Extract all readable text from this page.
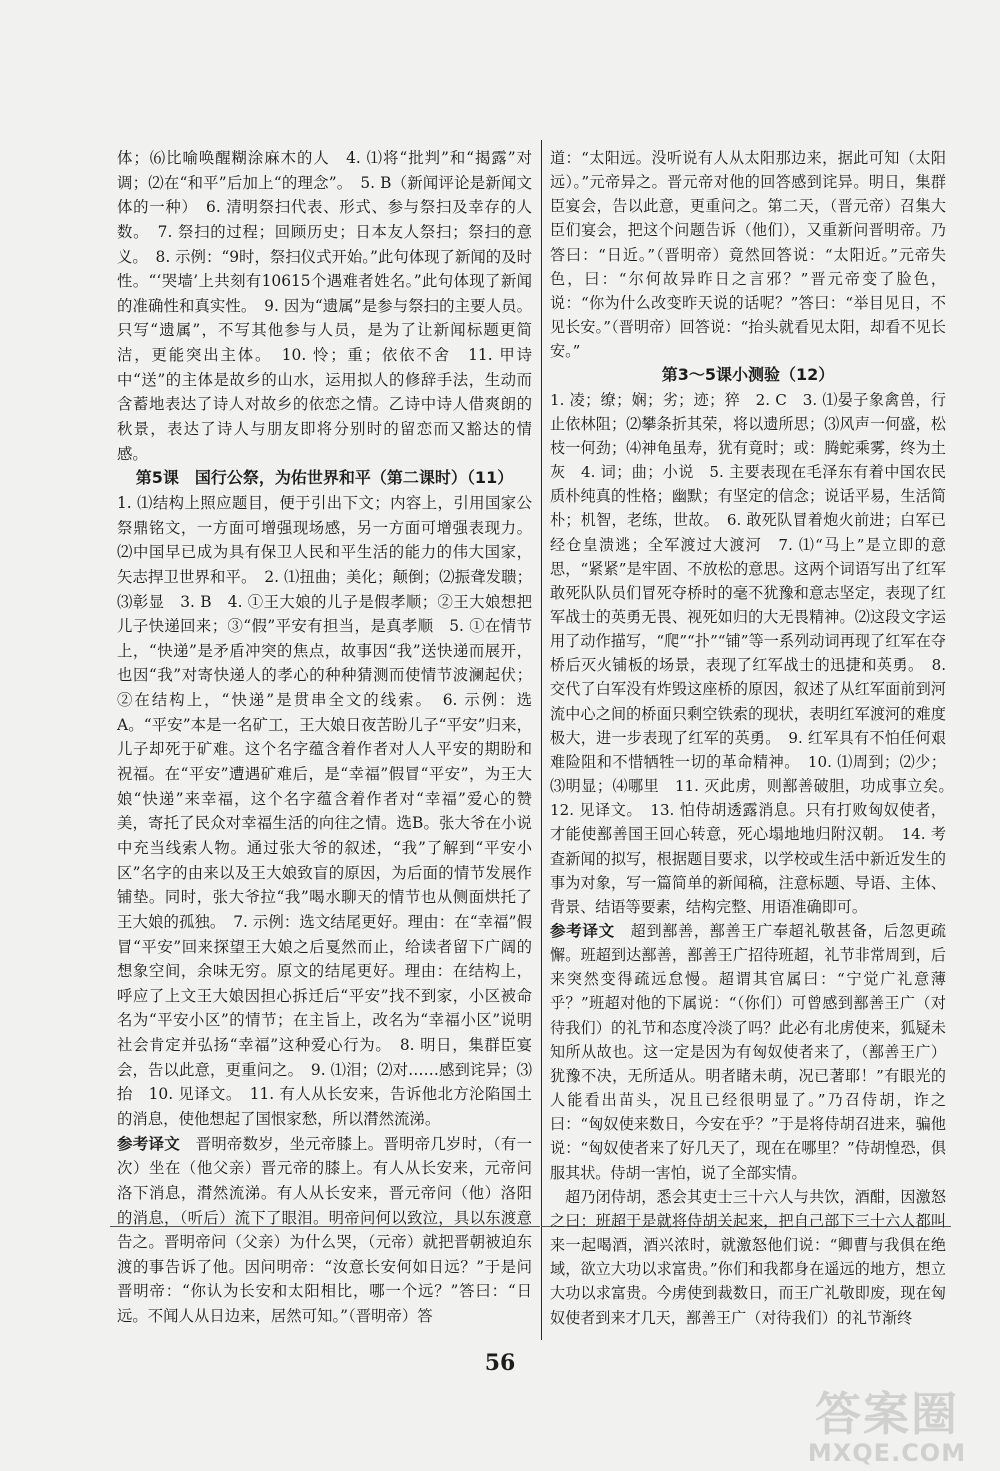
体；⑹比喻唤醒糊涂麻木的人　4. ⑴将“批判”和“揭露”对调；⑵在“和平”后加上“的理念”。　5. B（新闻评论是新闻文体的一种）　6. 清明祭扫代表、形式、参与祭扫及幸存的人数。　7. 祭扫的过程；回顾历史；日本友人祭扫；祭扫的意义。　8. 示例：“9时，祭扫仪式开始。”此句体现了新闻的及时性。“‘哭墙’上共刻有10615个遇难者姓名。”此句体现了新闻的准确性和真实性。　9. 因为“遗属”是参与祭扫的主要人员。只写“遗属”，不写其他参与人员，是为了让新闻标题更简洁，更能突出主体。　10. 怜；重；依依不舍　11. 甲诗中“送”的主体是故乡的山水，运用拟人的修辞手法，生动而含蓄地表达了诗人对故乡的依恋之情。乙诗中诗人借爽朗的秋景，表达了诗人与朋友即将分别时的留恋而又豁达的情感。

第5课　国行公祭，为佑世界和平（第二课时）（11）

1. ⑴结构上照应题目，便于引出下文；内容上，引用国家公祭鼎铭文，一方面可增强现场感，另一方面可增强表现力。⑵中国早已成为具有保卫人民和平生活的能力的伟大国家，矢志捍卫世界和平。　2. ⑴扭曲；美化；颠倒；⑵振聋发聩；⑶彰显　3. B　4. ①王大娘的儿子是假孝顺；②王大娘想把儿子快递回来；③“假”平安有担当，是真孝顺　5. ①在情节上，“快递”是矛盾冲突的焦点，故事因“我”送快递而展开，也因“我”对寄快递人的孝心的种种猜测而使情节波澜起伏；②在结构上，“快递”是贯串全文的线索。　6. 示例：选A。“平安”本是一名矿工，王大娘日夜苦盼儿子“平安”归来，儿子却死于矿难。这个名字蕴含着作者对人人平安的期盼和祝福。在“平安”遭遇矿难后，是“幸福”假冒“平安”，为王大娘“快递”来幸福，这个名字蕴含着作者对“幸福”爱心的赞美，寄托了民众对幸福生活的向往之情。选B。张大爷在小说中充当线索人物。通过张大爷的叙述，“我”了解到“平安小区”名字的由来以及王大娘致盲的原因，为后面的情节发展作铺垫。同时，张大爷拉“我”喝水聊天的情节也从侧面烘托了王大娘的孤独。　7. 示例：选文结尾更好。理由：在“幸福”假冒“平安”回来探望王大娘之后戛然而止，给读者留下广阔的想象空间，余味无穷。原文的结尾更好。理由：在结构上，呼应了上文王大娘因担心拆迁后“平安”找不到家，小区被命名为“平安小区”的情节；在主旨上，改名为“幸福小区”说明社会肯定并弘扬“幸福”这种爱心行为。　8. 明日，集群臣宴会，告以此意，更重问之。　9. ⑴泪；⑵对……感到诧异；⑶抬　10. 见译文。　11. 有人从长安来，告诉他北方沦陷国土的消息，使他想起了国恨家愁，所以潸然流涕。

参考译文　 晋明帝数岁，坐元帝膝上。晋明帝几岁时，（有一次）坐在（他父亲）晋元帝的膝上。有人从长安来，元帝问洛下消息，潸然流涕。有人从长安来，晋元帝问（他）洛阳的消息，（听后）流下了眼泪。明帝问何以致泣，具以东渡意告之。晋明帝问（父亲）为什么哭，（元帝）就把晋朝被迫东渡的事告诉了他。因问明帝：“汝意长安何如日远？”于是问晋明帝：“你认为长安和太阳相比，哪一个远？”答曰：“日远。不闻人从日边来，居然可知。”（晋明帝）答

道：“太阳远。没听说有人从太阳那边来，据此可知（太阳远）。”元帝异之。晋元帝对他的回答感到诧异。明日，集群臣宴会，告以此意，更重问之。第二天，（晋元帝）召集大臣们宴会，把这个问题告诉（他们），又重新问晋明帝。乃答曰：“日近。”（晋明帝）竟然回答说：“太阳近。”元帝失色，曰：“尔何故异昨日之言邪？”晋元帝变了脸色，说：“你为什么改变昨天说的话呢？”答曰：“举目见日，不见长安。”（晋明帝）回答说：“抬头就看见太阳，却看不见长安。”

第3～5课小测验（12）

1. 凌；缭；娴；劣；迹；猝　2. C　3. ⑴晏子象禽兽，行止依林阻；⑵攀条折其荣，将以遗所思；⑶风声一何盛，松枝一何劲；⑷神龟虽寿，犹有竟时；或：腾蛇乘雾，终为土灰　4. 词；曲；小说　5. 主要表现在毛泽东有着中国农民质朴纯真的性格；幽默；有坚定的信念；说话平易，生活简朴；机智，老练，世故。　6. 敢死队冒着炮火前进；白军已经仓皇溃逃；全军渡过大渡河　7. ⑴“马上”是立即的意思，“紧紧”是牢固、不放松的意思。这两个词语写出了红军敢死队队员们冒死夺桥时的毫不犹豫和意志坚定，表现了红军战士的英勇无畏、视死如归的大无畏精神。⑵这段文字运用了动作描写，“爬”“扑”“铺”等一系列动词再现了红军在夺桥后灭火铺板的场景，表现了红军战士的迅捷和英勇。　8. 交代了白军没有炸毁这座桥的原因，叙述了从红军面前到河流中心之间的桥面只剩空铁索的现状，表明红军渡河的难度极大，进一步表现了红军的英勇。　9. 红军具有不怕任何艰难险阻和不惜牺牲一切的革命精神。　10. ⑴周到；⑵少；⑶明显；⑷哪里　11. 灭此虏，则鄯善破胆，功成事立矣。　12. 见译文。　13. 怕侍胡透露消息。只有打败匈奴使者，才能使鄯善国王回心转意，死心塌地地归附汉朝。　14. 考查新闻的拟写，根据题目要求，以学校或生活中新近发生的事为对象，写一篇简单的新闻稿，注意标题、导语、主体、背景、结语等要素，结构完整、用语准确即可。

参考译文　 超到鄯善，鄯善王广奉超礼敬甚备，后忽更疏懈。班超到达鄯善，鄯善王广招待班超，礼节非常周到，后来突然变得疏远怠慢。超谓其官属曰：“宁觉广礼意薄乎？”班超对他的下属说：“（你们）可曾感到鄯善王广（对待我们）的礼节和态度冷淡了吗？此必有北虏使来，狐疑未知所从故也。这一定是因为有匈奴使者来了，（鄯善王广）犹豫不决，无所适从。明者睹未萌，况已著耶！”有眼光的人能看出苗头，况且已经很明显了。”乃召侍胡，诈之曰：“匈奴使来数日，今安在乎？”于是将侍胡召进来，骗他说：“匈奴使者来了好几天了，现在在哪里？”侍胡惶恐，俱服其状。侍胡一害怕，说了全部实情。

超乃闭侍胡，悉会其吏士三十六人与共饮，酒酣，因激怒之曰：班超于是就将侍胡关起来，把自己部下三十六人都叫来一起喝酒，酒兴浓时，就激怒他们说：“卿曹与我俱在绝域，欲立大功以求富贵。”你们和我都身在遥远的地方，想立大功以求富贵。今虏使到裁数日，而王广礼敬即废，现在匈奴使者到来才几天，鄯善王广（对待我们）的礼节渐终

56
答案圈
MXQE.COM
